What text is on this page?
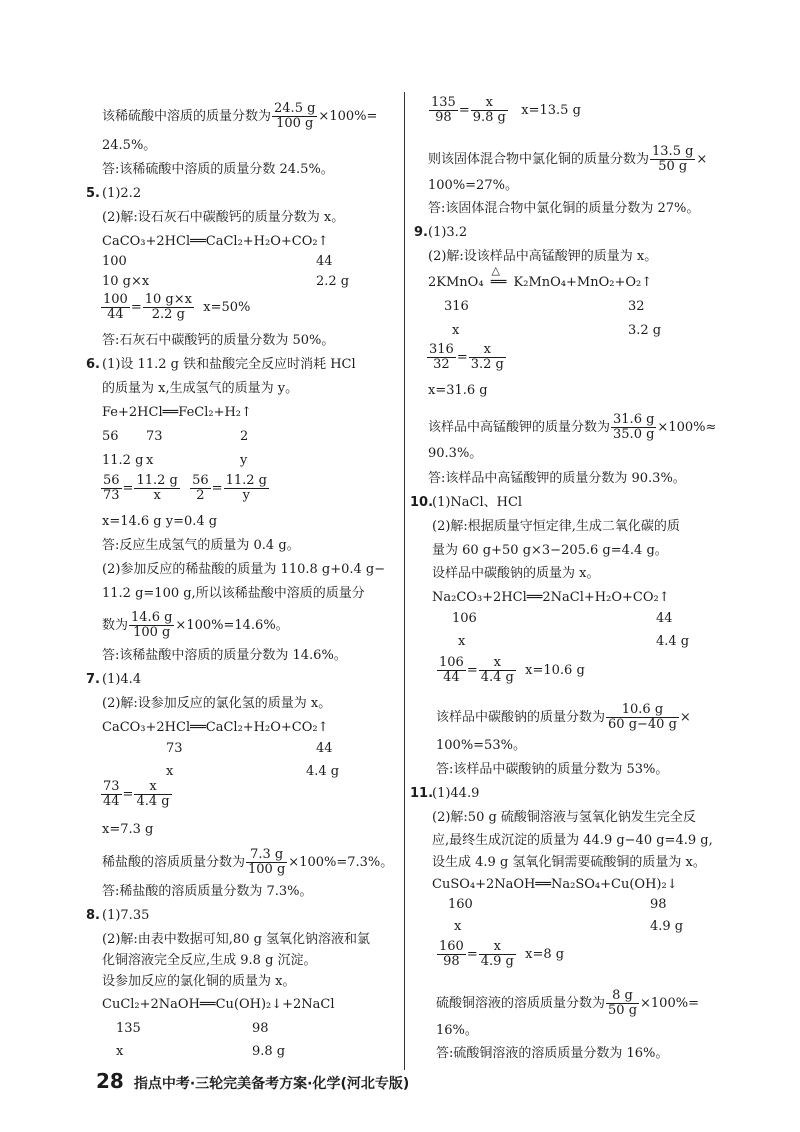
该稀硫酸中溶质的质量分数为 $\frac{24.5 g}{100 g} \times 100\%=$
24.5%。
答:该稀硫酸中溶质的质量分数 24.5%。
5. (1)2.2
(2)解:设石灰石中碳酸钙的质量分数为 x。
CaCO₃+2HCl══CaCl₂+H₂O+CO₂↑
100	44
10 g×x	2.2 g
$\frac{100}{44} = \frac{10 g\times x}{2.2 g} x=50\%$
答:石灰石中碳酸钙的质量分数为 50%。
6. (1)设 11.2 g 铁和盐酸完全反应时消耗 HCl
的质量为 x,生成氢气的质量为 y。
Fe+2HCl══FeCl₂+H₂↑
56 73	2
11.2 g x	y
$\frac{56}{73} = \frac{11.2 g}{x}$
$\frac{56}{2} = \frac{11.2 g}{y}$
x=14.6 g y=0.4 g
答:反应生成氢气的质量为 0.4 g。
(2)参加反应的稀盐酸的质量为 110.8 g+0.4 g−
11.2 g=100 g,所以该稀盐酸中溶质的质量分
数为 $\frac{14.6 g}{100 g} \times 100\%=14.6\%$。
答:该稀盐酸中溶质的质量分数为 14.6%。
7. (1)4.4
(2)解:设参加反应的氯化氢的质量为 x。
CaCO₃+2HCl══CaCl₂+H₂O+CO₂↑
73	44
x	4.4 g
$\frac{73}{44} = \frac{x}{4.4 g}$
x=7.3 g
稀盐酸的溶质质量分数为 $\frac{7.3 g}{100 g} \times 100\%=7.3\%$。
答:稀盐酸的溶质质量分数为 7.3%。
8. (1)7.35
(2)解:由表中数据可知,80 g 氢氧化钠溶液和氯
化铜溶液完全反应,生成 9.8 g 沉淀。
设参加反应的氯化铜的质量为 x。
CuCl₂+2NaOH══Cu(OH)₂↓+2NaCl
135	98
x	9.8 g
$\frac{135}{98} = \frac{x}{9.8 g} x=13.5$ g
则该固体混合物中氯化铜的质量分数为 $\frac{13.5 g}{50 g}$ ×
100%=27%。
答:该固体混合物中氯化铜的质量分数为 27%。
9. (1)3.2
(2)解:设该样品中高锰酸钾的质量为 x。
2KMnO₄
△
══ K₂MnO₄+MnO₂+O₂↑
316	32
x	3.2 g
$\frac{316}{32} = \frac{x}{3.2 g}$
x=31.6 g
该样品中高锰酸钾的质量分数为 $\frac{31.6 g}{35.0 g} \times 100\%\approx$
90.3%。
答:该样品中高锰酸钾的质量分数为 90.3%。
10.
(1)NaCl、HCl
(2)解:根据质量守恒定律,生成二氧化碳的质
量为 60 g+50 g×3−205.6 g=4.4 g。
设样品中碳酸钠的质量为 x。
Na₂CO₃+2HCl══2NaCl+H₂O+CO₂↑
106	44
x	4.4 g
$\frac{106}{44} = \frac{x}{4.4 g} x=10.6$ g
该样品中碳酸钠的质量分数为 $\frac{10.6 g}{60 g-40 g}$ ×
100%=53%。
答:该样品中碳酸钠的质量分数为 53%。
11.
(1)44.9
(2)解:50 g 硫酸铜溶液与氢氧化钠发生完全反
应,最终生成沉淀的质量为 44.9 g−40 g=4.9 g,
设生成 4.9 g 氢氧化铜需要硫酸铜的质量为 x。
CuSO₄+2NaOH══Na₂SO₄+Cu(OH)₂↓
160	98
x	4.9 g
$\frac{160}{98} = \frac{x}{4.9 g} x=8$ g
硫酸铜溶液的溶质质量分数为 $\frac{8 g}{50 g} \times 100\%=$
16%。
答:硫酸铜溶液的溶质质量分数为 16%。
28 指点中考·三轮完美备考方案·化学(河北专版)
